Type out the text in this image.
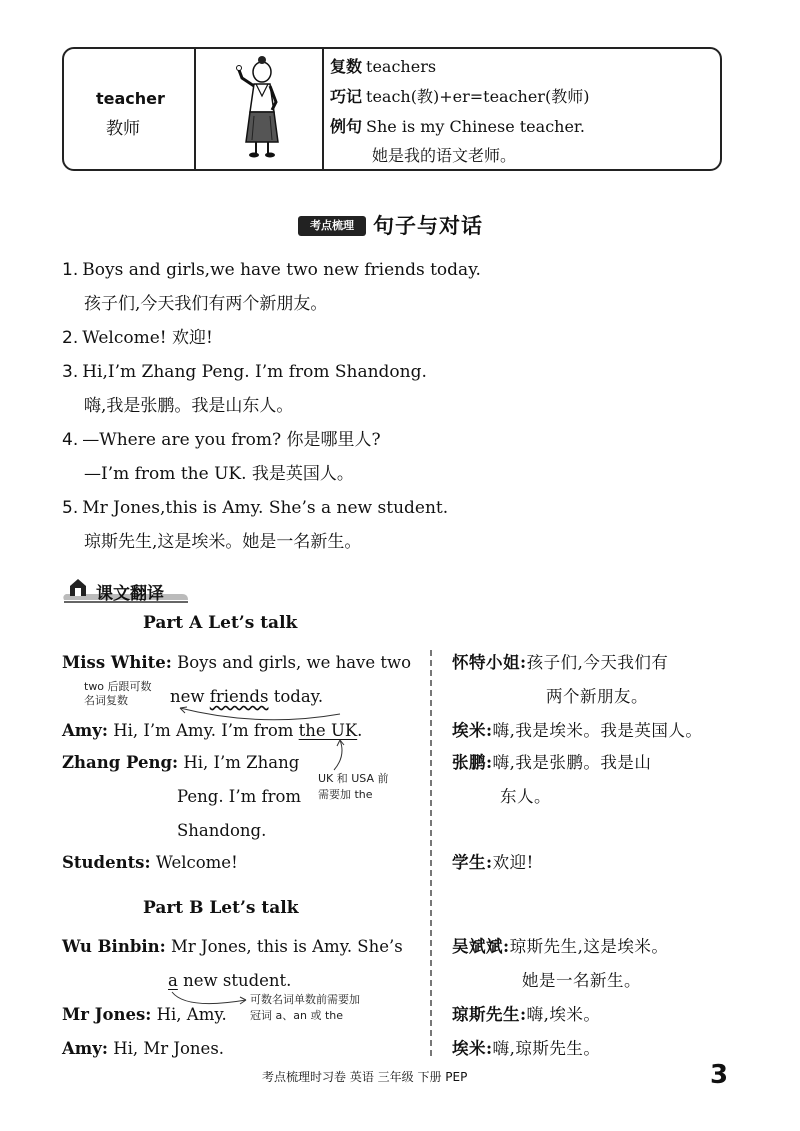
teacher
教师
复数 teachers
巧记 teach(教)+er=teacher(教师)
例句 She is my Chinese teacher.
她是我的语文老师。
考点梳理 句子与对话
1. Boys and girls,we have two new friends today.
孩子们,今天我们有两个新朋友。
2. Welcome! 欢迎!
3. Hi,I’m Zhang Peng. I’m from Shandong.
嗨,我是张鹏。我是山东人。
4. —Where are you from? 你是哪里人?
—I’m from the UK. 我是英国人。
5. Mr Jones,this is Amy. She’s a new student.
琼斯先生,这是埃米。她是一名新生。
课文翻译
Part A Let’s talk
Miss White: Boys and girls, we have two
new friends today.
two 后跟可数
名词复数
Amy: Hi, I’m Amy. I’m from the UK.
Zhang Peng: Hi, I’m Zhang
Peng. I’m from
Shandong.
UK 和 USA 前
需要加 the
Students: Welcome!
Part B Let’s talk
Wu Binbin: Mr Jones, this is Amy. She’s
a new student.
可数名词单数前需要加
冠词 a、an 或 the
Mr Jones: Hi, Amy.
Amy: Hi, Mr Jones.
怀特小姐:孩子们,今天我们有
两个新朋友。
埃米:嗨,我是埃米。我是英国人。
张鹏:嗨,我是张鹏。我是山
东人。
学生:欢迎!
吴斌斌:琼斯先生,这是埃米。
她是一名新生。
琼斯先生:嗨,埃米。
埃米:嗨,琼斯先生。
考点梳理时习卷 英语 三年级 下册 PEP	3
